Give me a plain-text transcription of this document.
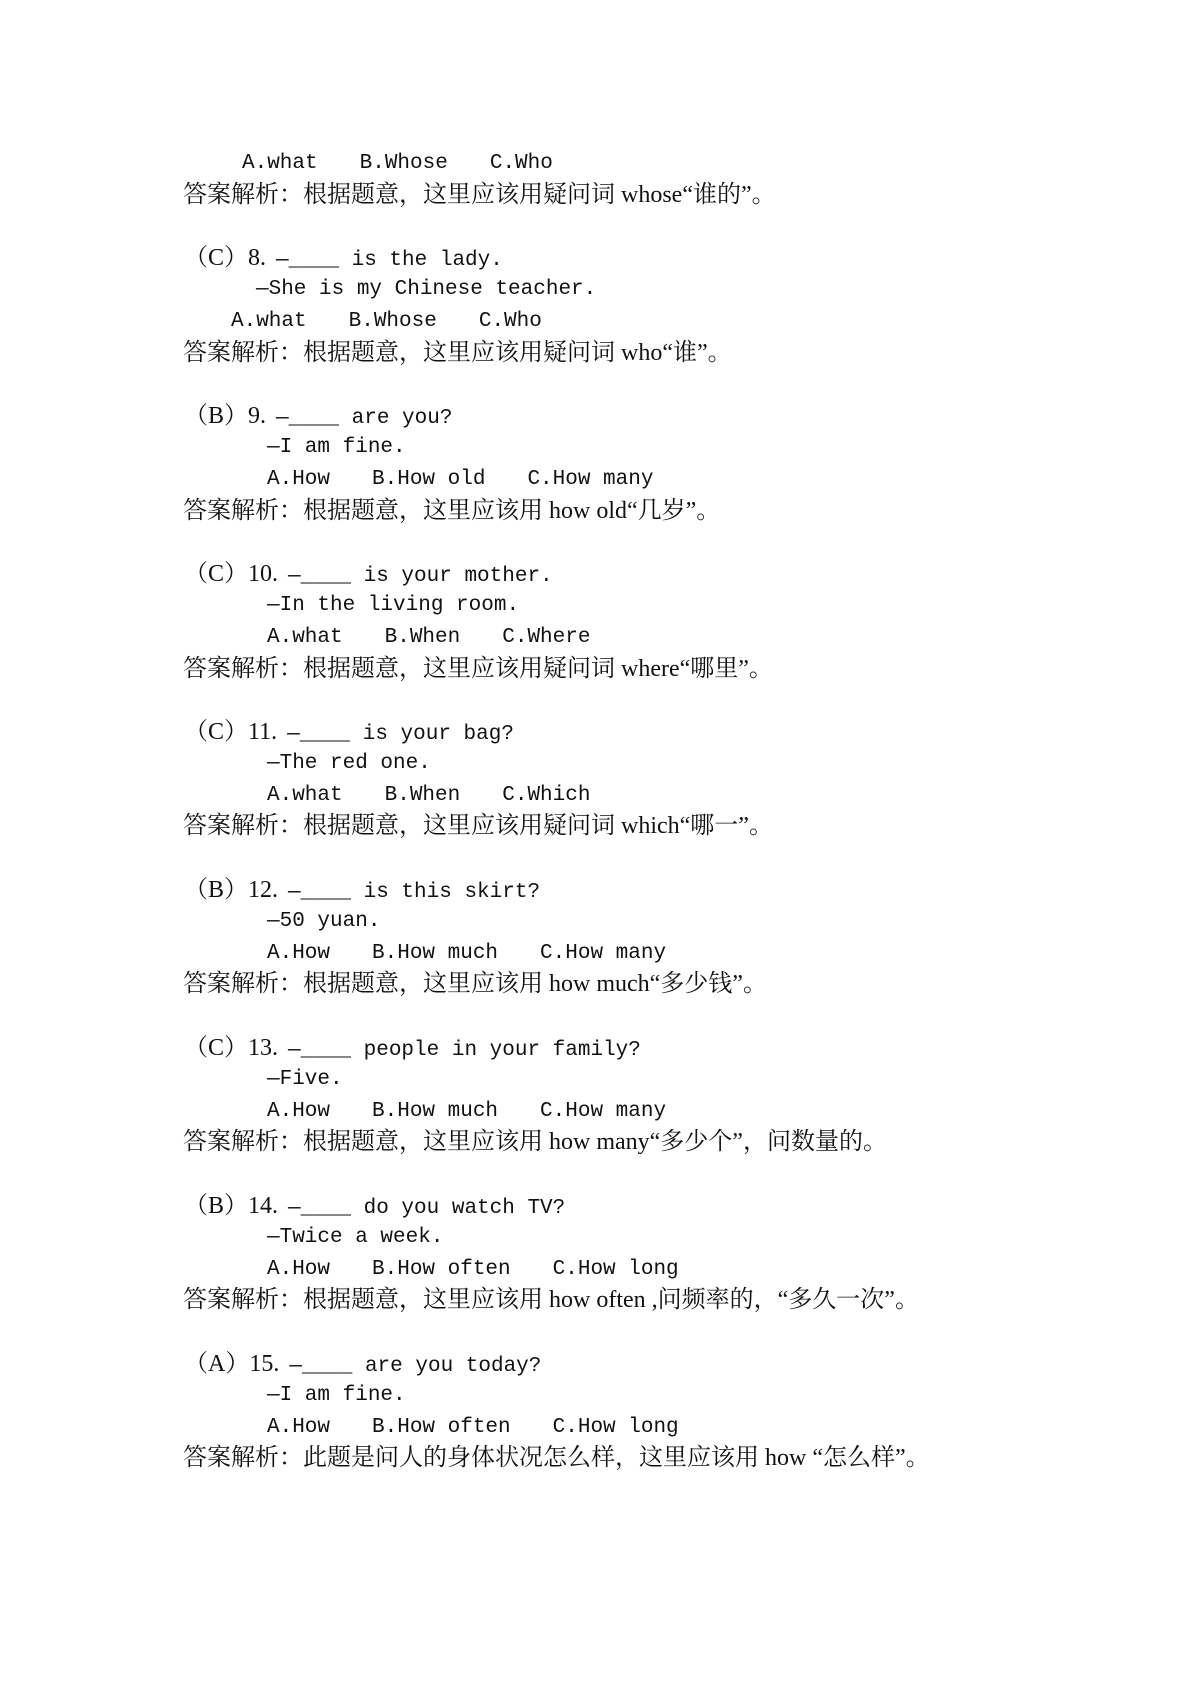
A.what B.Whose C.Who
答案解析：根据题意，这里应该用疑问词 whose“谁的”。
（C）8. —____ is the lady.
—She is my Chinese teacher.
A.what B.Whose C.Who
答案解析：根据题意，这里应该用疑问词 who“谁”。
（B）9. —____ are you?
—I am fine.
A.How B.How old C.How many
答案解析：根据题意，这里应该用 how old“几岁”。
（C）10. —____ is your mother.
—In the living room.
A.what B.When C.Where
答案解析：根据题意，这里应该用疑问词 where“哪里”。
（C）11. —____ is your bag?
—The red one.
A.what B.When C.Which
答案解析：根据题意，这里应该用疑问词 which“哪一”。
（B）12. —____ is this skirt?
—50 yuan.
A.How B.How much C.How many
答案解析：根据题意，这里应该用 how much“多少钱”。
（C）13. —____ people in your family?
—Five.
A.How B.How much C.How many
答案解析：根据题意，这里应该用 how many“多少个”，问数量的。
（B）14. —____ do you watch TV?
—Twice a week.
A.How B.How often C.How long
答案解析：根据题意，这里应该用 how often ,问频率的，“多久一次”。
（A）15. —____ are you today?
—I am fine.
A.How B.How often C.How long
答案解析：此题是问人的身体状况怎么样，这里应该用 how “怎么样”。
